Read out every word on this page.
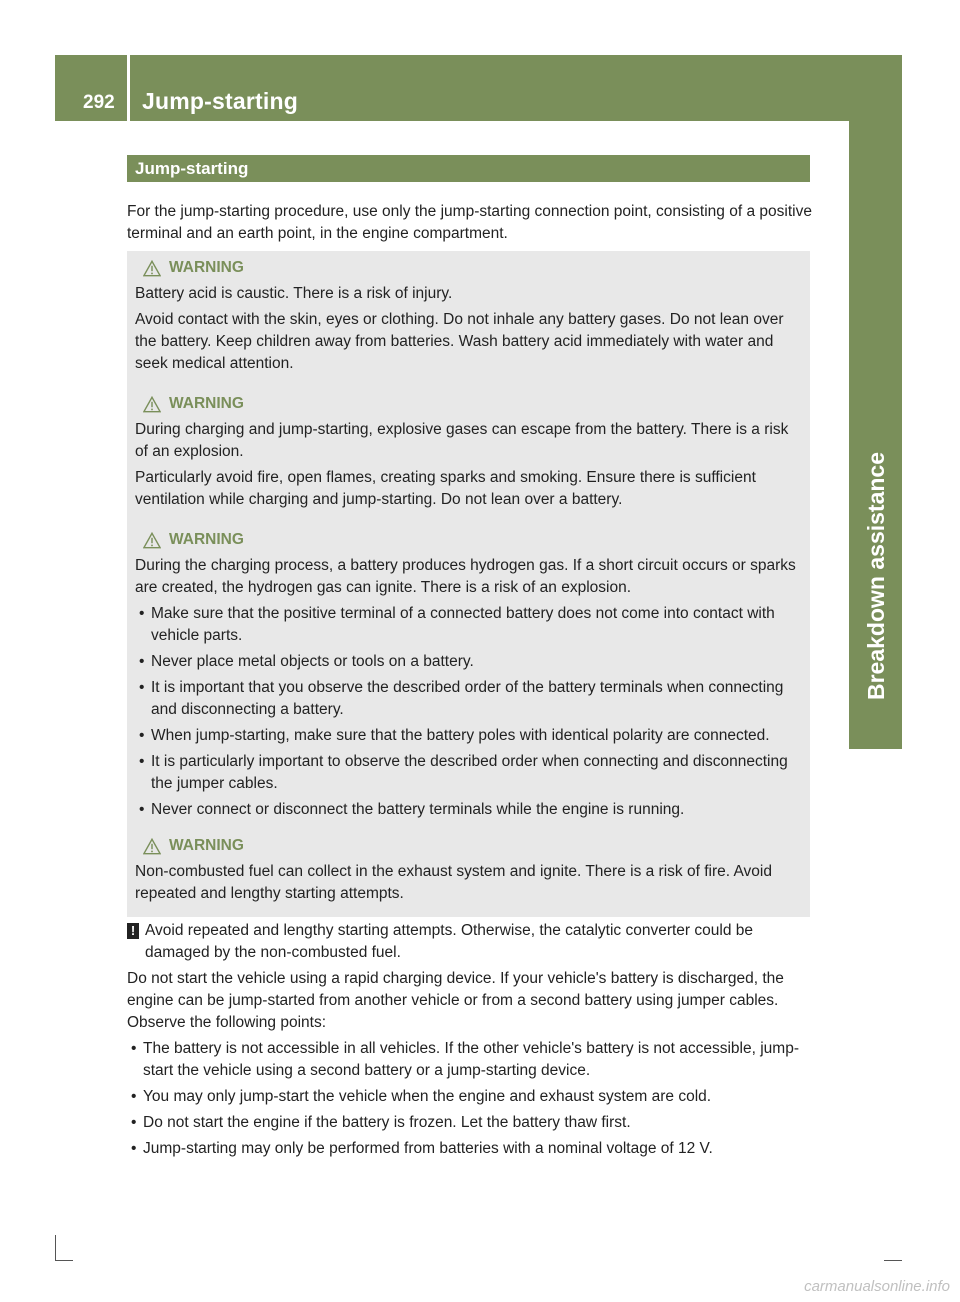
292 Jump-starting
Breakdown assistance
Jump-starting

For the jump-starting procedure, use only the jump-starting connection point, consisting of a positive terminal and an earth point, in the engine compartment.

WARNING

Battery acid is caustic. There is a risk of injury.

Avoid contact with the skin, eyes or clothing. Do not inhale any battery gases. Do not lean over the battery. Keep children away from batteries. Wash battery acid immediately with water and seek medical attention.

WARNING

During charging and jump-starting, explosive gases can escape from the battery. There is a risk of an explosion.

Particularly avoid fire, open flames, creating sparks and smoking. Ensure there is sufficient ventilation while charging and jump-starting. Do not lean over a battery.

WARNING

During the charging process, a battery produces hydrogen gas. If a short circuit occurs or sparks are created, the hydrogen gas can ignite. There is a risk of an explosion.

• Make sure that the positive terminal of a connected battery does not come into contact with vehicle parts.

• Never place metal objects or tools on a battery.

• It is important that you observe the described order of the battery terminals when connecting and disconnecting a battery.

• When jump-starting, make sure that the battery poles with identical polarity are connected.

• It is particularly important to observe the described order when connecting and disconnecting the jumper cables.

• Never connect or disconnect the battery terminals while the engine is running.

WARNING

Non-combusted fuel can collect in the exhaust system and ignite. There is a risk of fire. Avoid repeated and lengthy starting attempts.

! Avoid repeated and lengthy starting attempts. Otherwise, the catalytic converter could be damaged by the non-combusted fuel.

Do not start the vehicle using a rapid charging device. If your vehicle's battery is discharged, the engine can be jump-started from another vehicle or from a second battery using jumper cables. Observe the following points:

• The battery is not accessible in all vehicles. If the other vehicle's battery is not accessible, jump-start the vehicle using a second battery or a jump-starting device.

• You may only jump-start the vehicle when the engine and exhaust system are cold.

• Do not start the engine if the battery is frozen. Let the battery thaw first.

• Jump-starting may only be performed from batteries with a nominal voltage of 12 V.

carmanualsonline.info
